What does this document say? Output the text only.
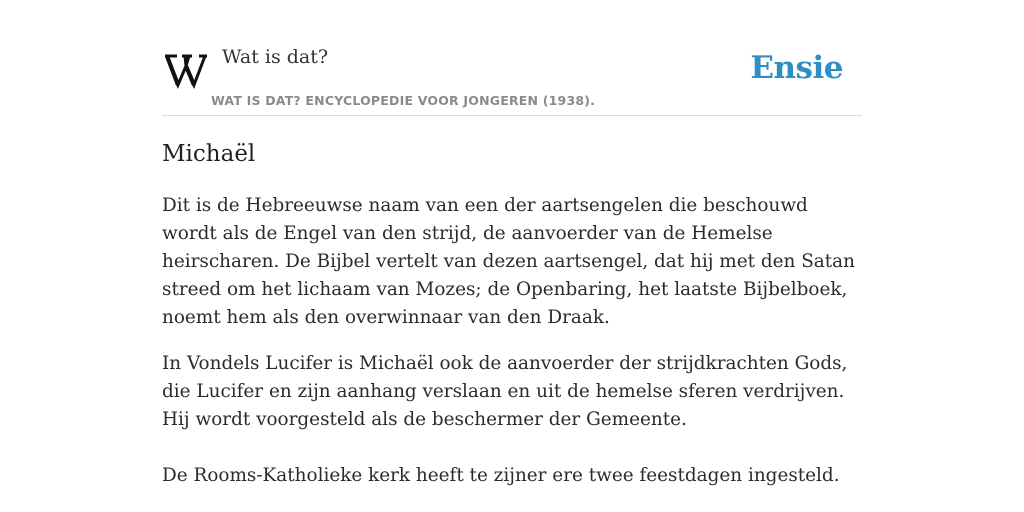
Wat is dat?
WAT IS DAT? ENCYCLOPEDIE VOOR JONGEREN (1938).
Ensie
Michaël

Dit is de Hebreeuwse naam van een der aartsengelen die beschouwd wordt als de Engel van den strijd, de aanvoerder van de Hemelse heirscharen. De Bijbel vertelt van dezen aartsengel, dat hij met den Satan streed om het lichaam van Mozes; de Openbaring, het laatste Bijbelboek, noemt hem als den overwinnaar van den Draak.

In Vondels Lucifer is Michaël ook de aanvoerder der strijdkrachten Gods, die Lucifer en zijn aanhang verslaan en uit de hemelse sferen verdrijven. Hij wordt voorgesteld als de beschermer der Gemeente.

De Rooms-Katholieke kerk heeft te zijner ere twee feestdagen ingesteld.
